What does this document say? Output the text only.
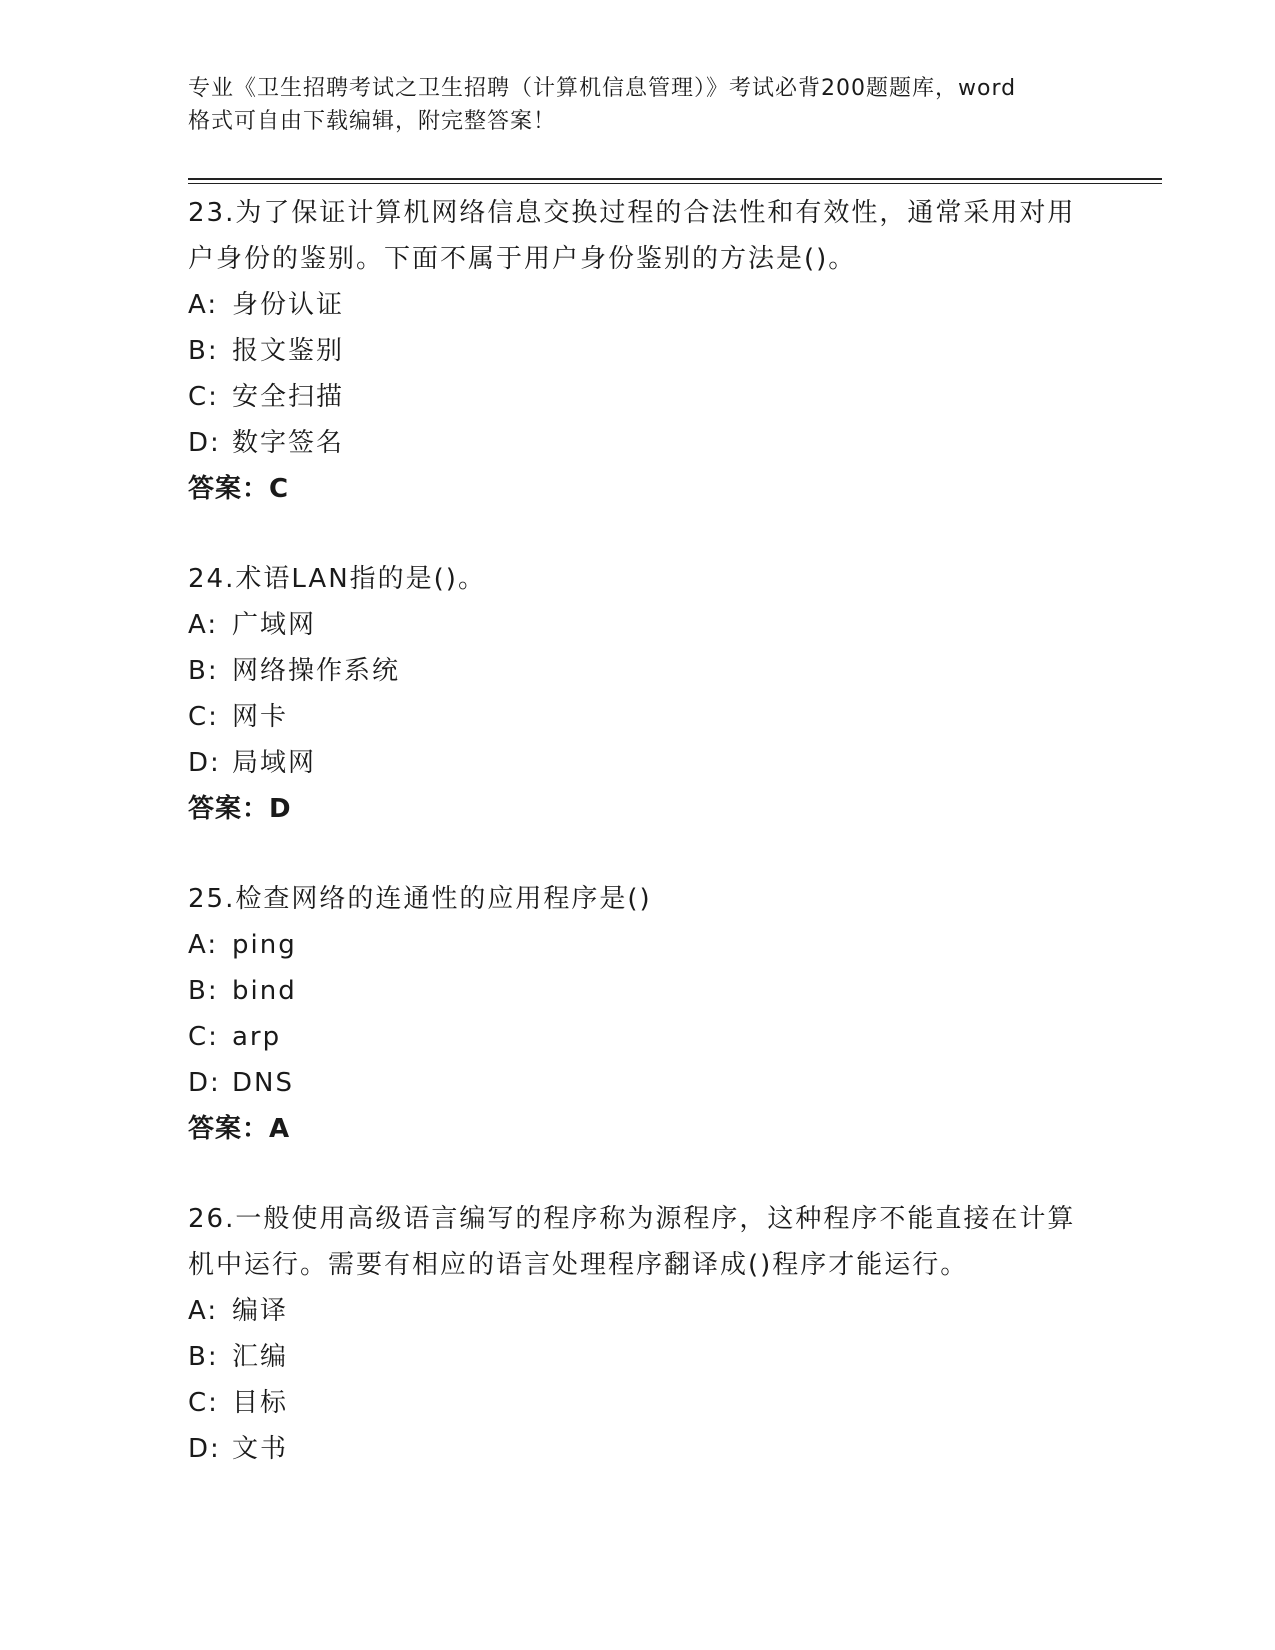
专业《卫生招聘考试之卫生招聘（计算机信息管理）》考试必背200题题库，word
格式可自由下载编辑，附完整答案！
23.为了保证计算机网络信息交换过程的合法性和有效性，通常采用对用户身份的鉴别。下面不属于用户身份鉴别的方法是()。
A: 身份认证
B: 报文鉴别
C: 安全扫描
D: 数字签名
答案：C
24.术语LAN指的是()。
A: 广域网
B: 网络操作系统
C: 网卡
D: 局域网
答案：D
25.检查网络的连通性的应用程序是()
A: ping
B: bind
C: arp
D: DNS
答案：A
26.一般使用高级语言编写的程序称为源程序，这种程序不能直接在计算机中运行。需要有相应的语言处理程序翻译成()程序才能运行。
A: 编译
B: 汇编
C: 目标
D: 文书
